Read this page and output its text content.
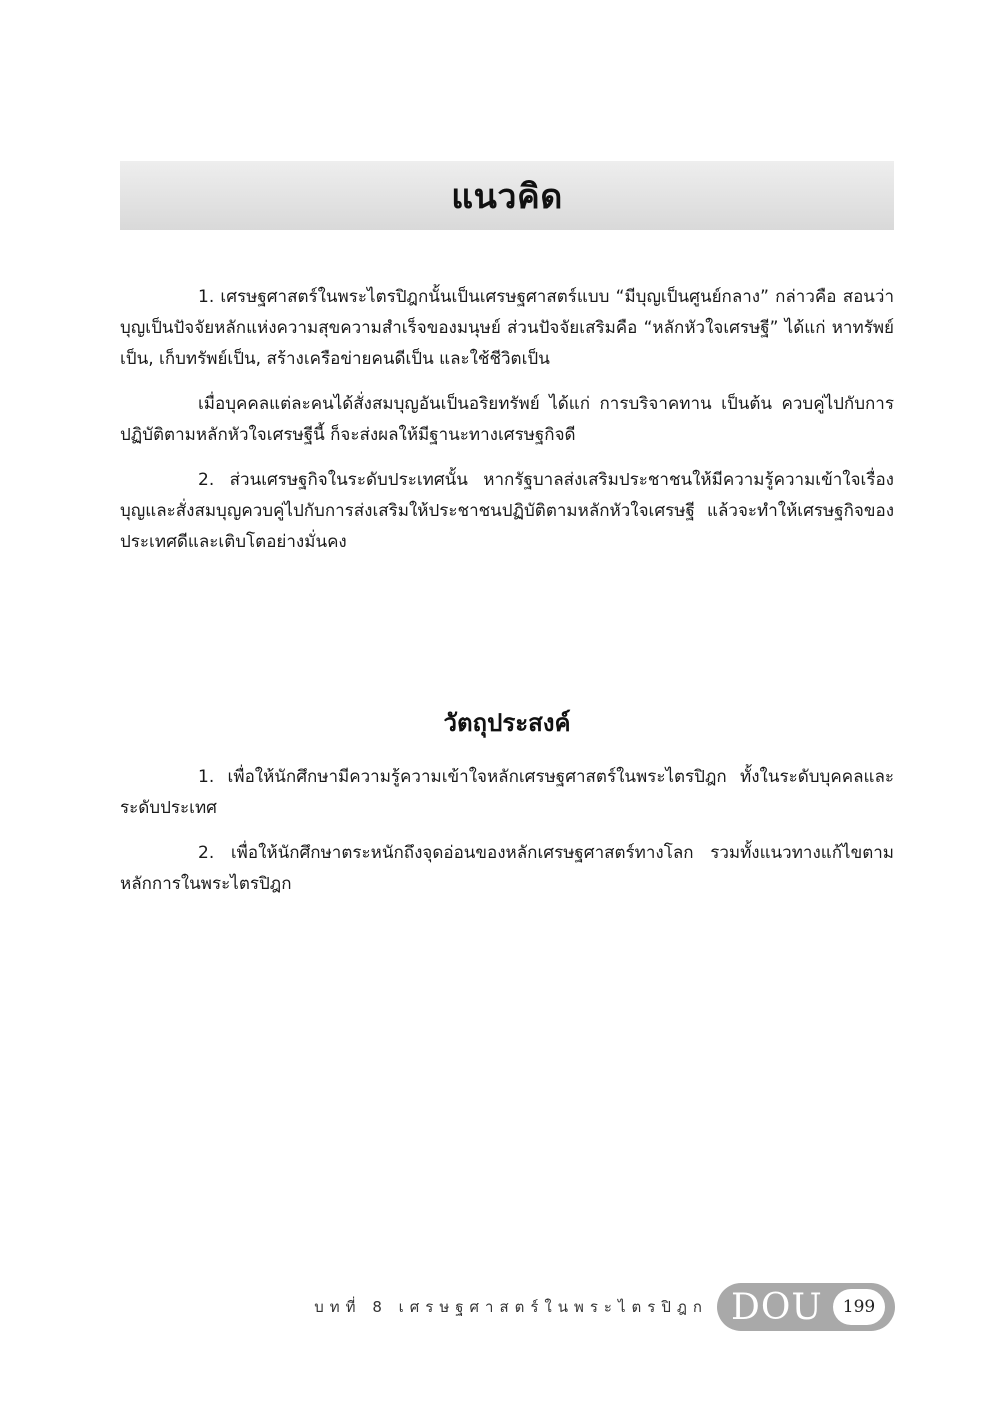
แนวคิด

1. เศรษฐศาสตร์ในพระไตรปิฎกนั้นเป็นเศรษฐศาสตร์แบบ “มีบุญเป็นศูนย์กลาง” กล่าวคือ สอนว่าบุญเป็นปัจจัยหลักแห่งความสุขความสำเร็จของมนุษย์ ส่วนปัจจัยเสริมคือ “หลักหัวใจเศรษฐี” ได้แก่ หาทรัพย์เป็น, เก็บทรัพย์เป็น, สร้างเครือข่ายคนดีเป็น และใช้ชีวิตเป็น

เมื่อบุคคลแต่ละคนได้สั่งสมบุญอันเป็นอริยทรัพย์ ได้แก่ การบริจาคทาน เป็นต้น ควบคู่ไปกับการปฏิบัติตามหลักหัวใจเศรษฐีนี้ ก็จะส่งผลให้มีฐานะทางเศรษฐกิจดี

2. ส่วนเศรษฐกิจในระดับประเทศนั้น หากรัฐบาลส่งเสริมประชาชนให้มีความรู้ความเข้าใจเรื่องบุญและสั่งสมบุญควบคู่ไปกับการส่งเสริมให้ประชาชนปฏิบัติตามหลักหัวใจเศรษฐี แล้วจะทำให้เศรษฐกิจของประเทศดีและเติบโตอย่างมั่นคง

วัตถุประสงค์

1. เพื่อให้นักศึกษามีความรู้ความเข้าใจหลักเศรษฐศาสตร์ในพระไตรปิฎก ทั้งในระดับบุคคลและระดับประเทศ

2. เพื่อให้นักศึกษาตระหนักถึงจุดอ่อนของหลักเศรษฐศาสตร์ทางโลก รวมทั้งแนวทางแก้ไขตามหลักการในพระไตรปิฎก

บทที่ 8 เศรษฐศาสตร์ในพระไตรปิฎก DOU 199
